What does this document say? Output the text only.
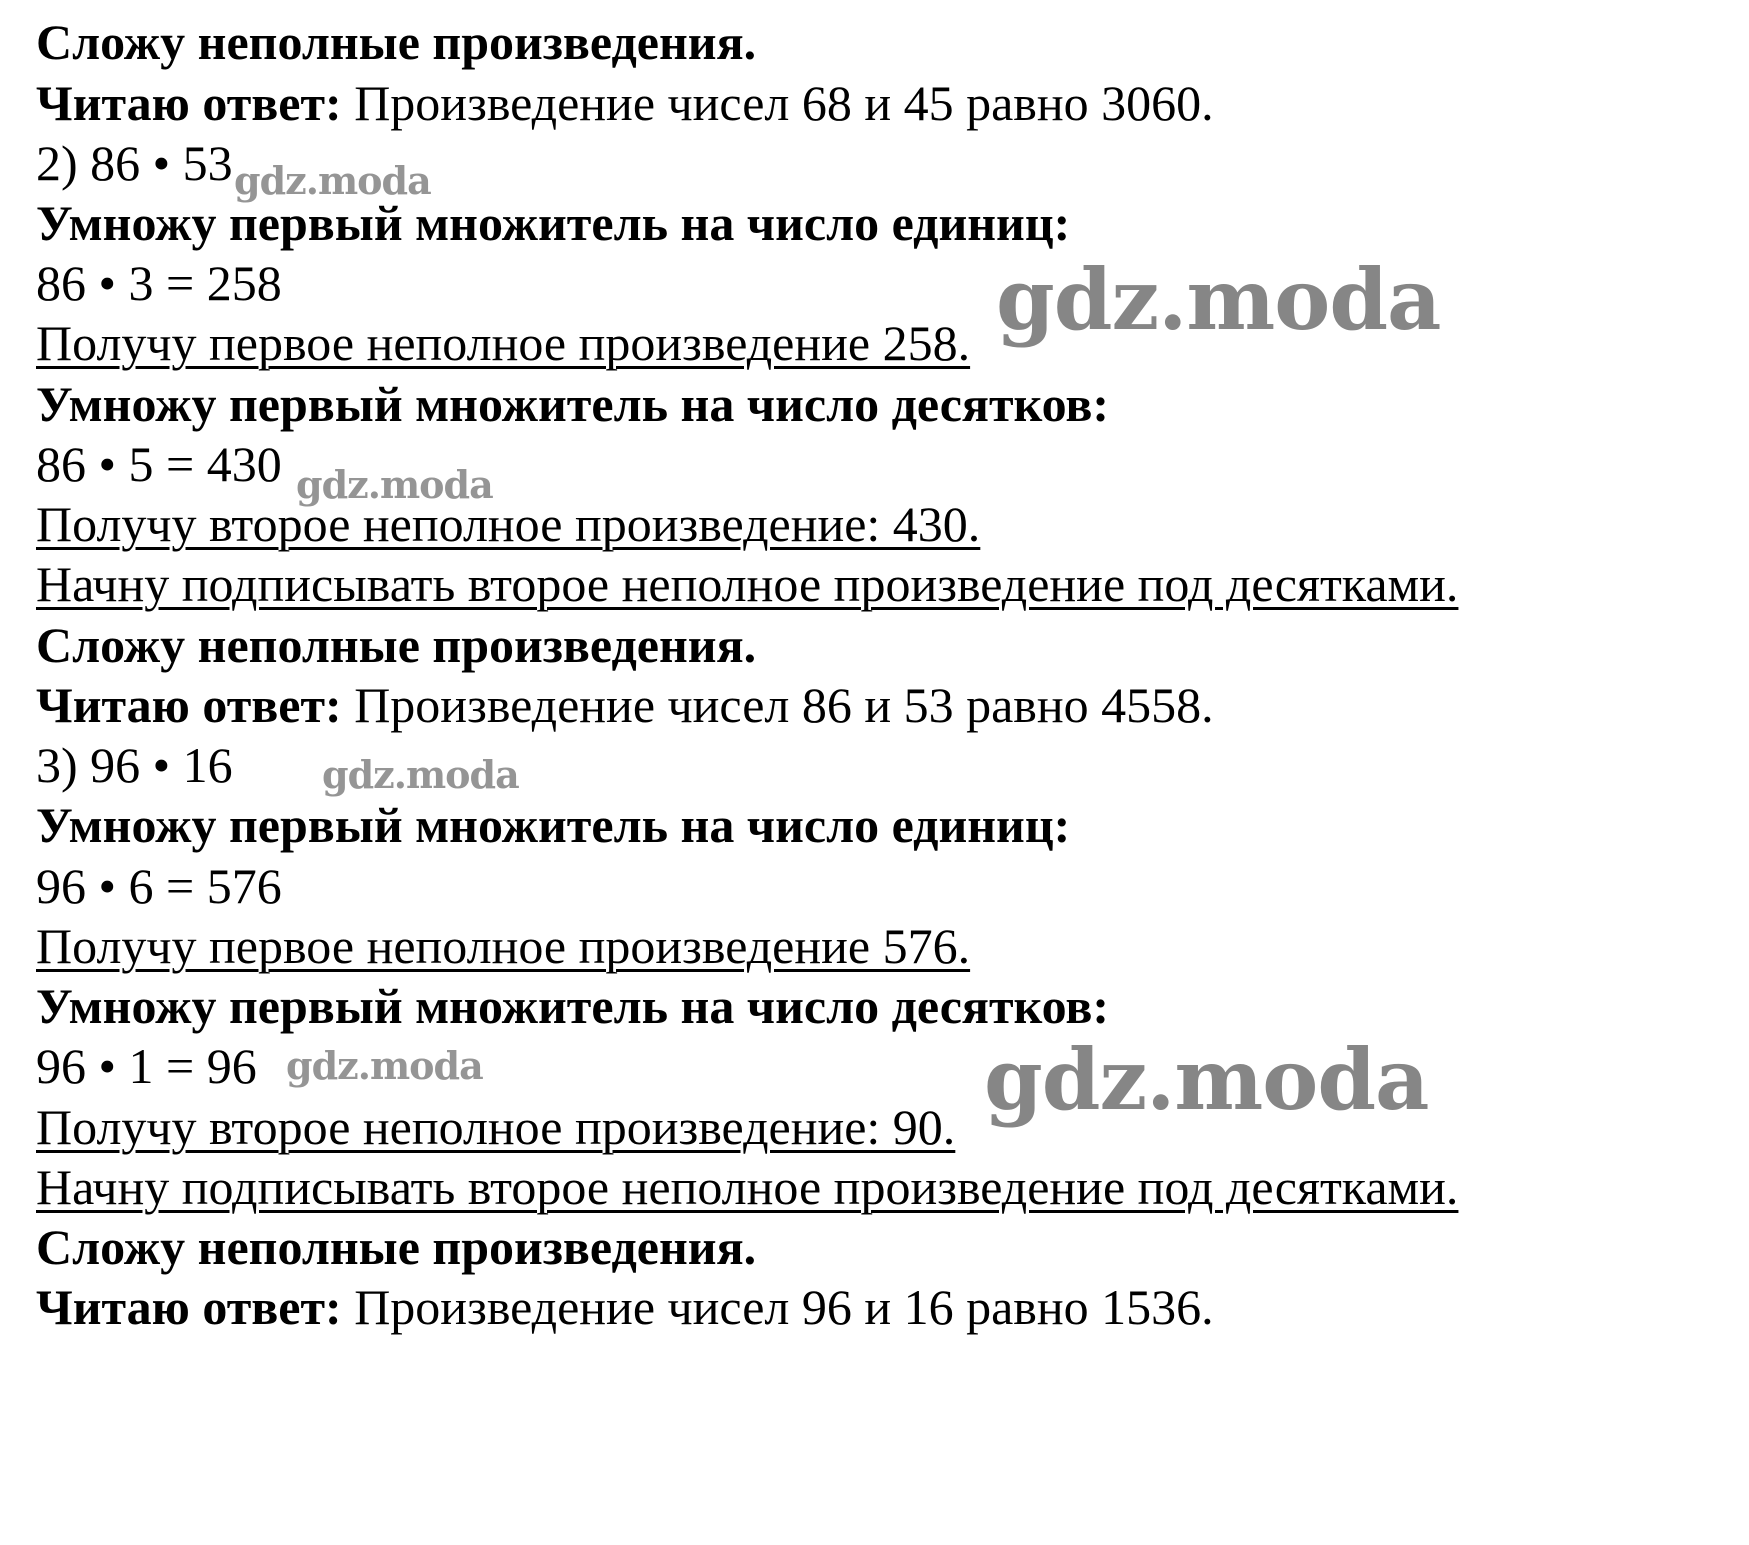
Сложу неполные произведения.
Читаю ответ: Произведение чисел 68 и 45 равно 3060.
2) 86 • 53
Умножу первый множитель на число единиц:
86 • 3 = 258
Получу первое неполное произведение 258.
Умножу первый множитель на число десятков:
86 • 5 = 430
Получу второе неполное произведение: 430.
Начну подписывать второе неполное произведение под десятками.
Сложу неполные произведения.
Читаю ответ: Произведение чисел 86 и 53 равно 4558.
3) 96 • 16
Умножу первый множитель на число единиц:
96 • 6 = 576
Получу первое неполное произведение 576.
Умножу первый множитель на число десятков:
96 • 1 = 96
Получу второе неполное произведение: 90.
Начну подписывать второе неполное произведение под десятками.
Сложу неполные произведения.
Читаю ответ: Произведение чисел 96 и 16 равно 1536.
gdz.moda
gdz.moda
gdz.moda
gdz.moda
gdz.moda	gdz.moda
